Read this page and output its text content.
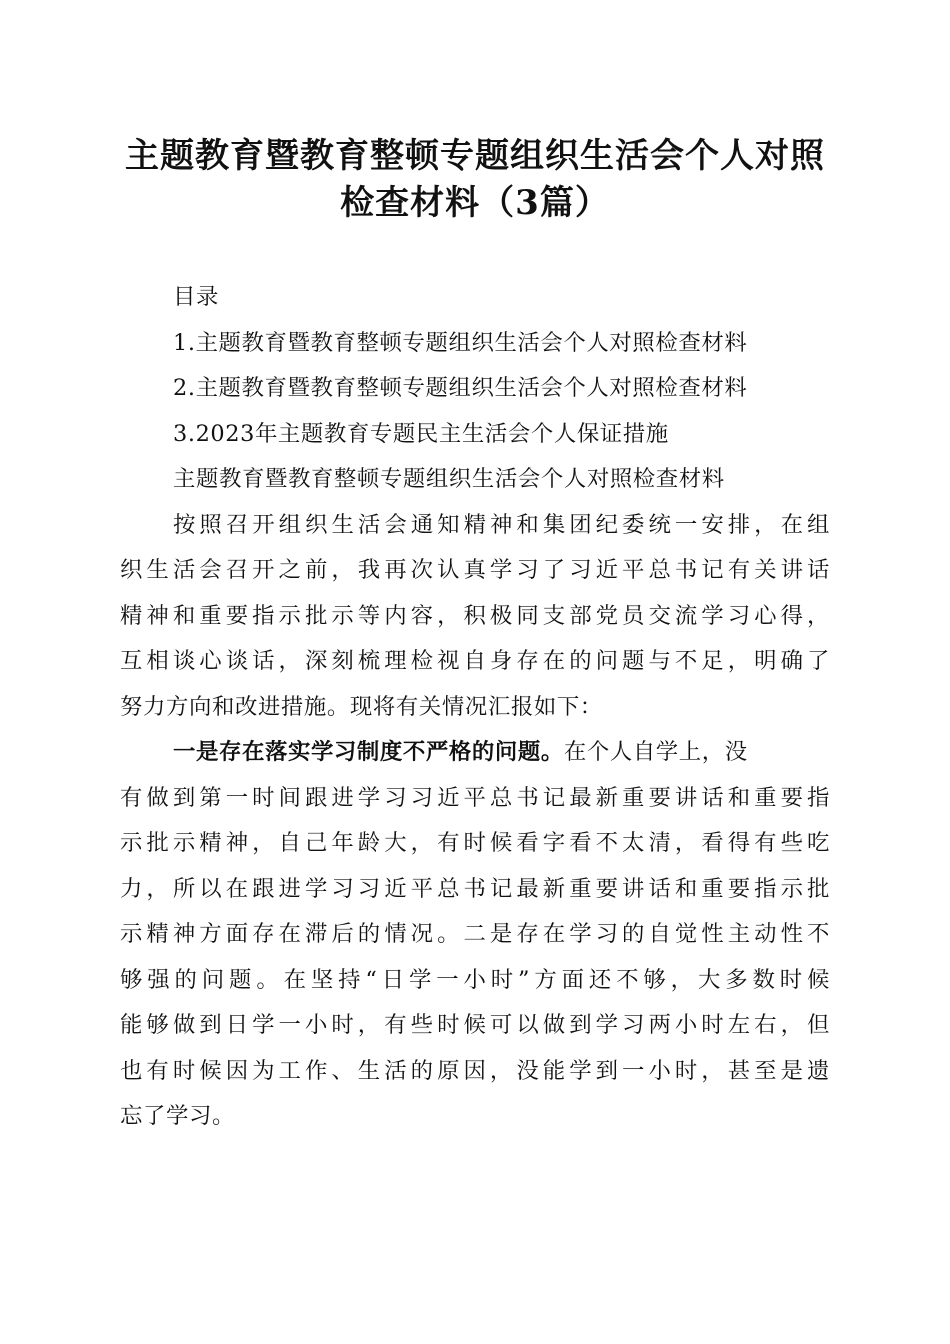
主题教育暨教育整顿专题组织生活会个人对照
检查材料（3篇）
目录
1.主题教育暨教育整顿专题组织生活会个人对照检查材料
2.主题教育暨教育整顿专题组织生活会个人对照检查材料
3.2023年主题教育专题民主生活会个人保证措施
主题教育暨教育整顿专题组织生活会个人对照检查材料
按照召开组织生活会通知精神和集团纪委统一安排，在组
织生活会召开之前，我再次认真学习了习近平总书记有关讲话
精神和重要指示批示等内容，积极同支部党员交流学习心得，
互相谈心谈话，深刻梳理检视自身存在的问题与不足，明确了
努力方向和改进措施。现将有关情况汇报如下：
一是存在落实学习制度不严格的问题。在个人自学上，没
有做到第一时间跟进学习习近平总书记最新重要讲话和重要指
示批示精神，自己年龄大，有时候看字看不太清，看得有些吃
力，所以在跟进学习习近平总书记最新重要讲话和重要指示批
示精神方面存在滞后的情况。二是存在学习的自觉性主动性不
够强的问题。在坚持“日学一小时”方面还不够，大多数时候
能够做到日学一小时，有些时候可以做到学习两小时左右，但
也有时候因为工作、生活的原因，没能学到一小时，甚至是遗
忘了学习。
